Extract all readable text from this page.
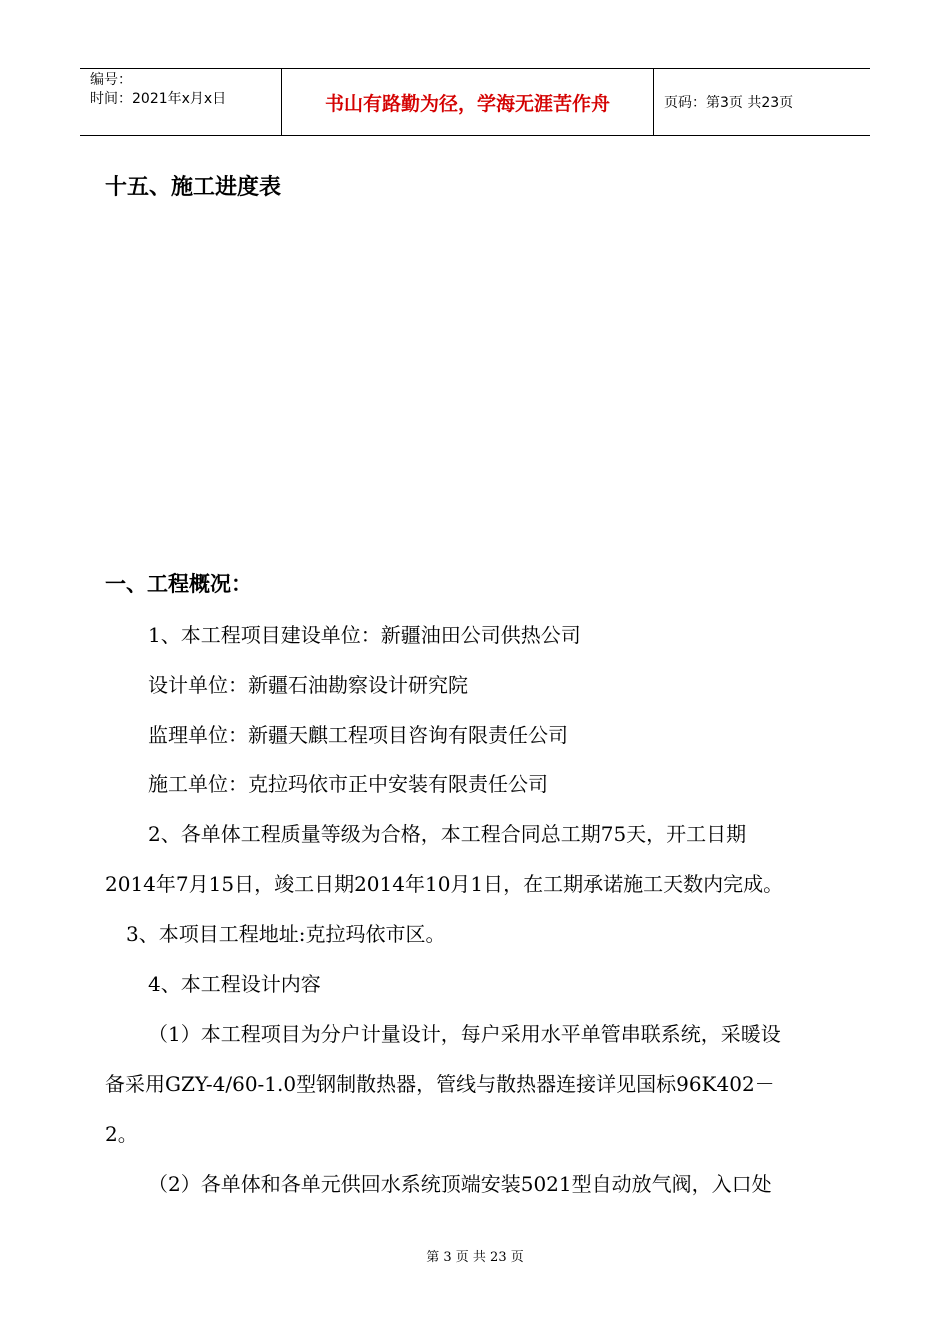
编号：
时间：2021年x月x日	书山有路勤为径，学海无涯苦作舟	页码：第3页 共23页
十五、施工进度表
一、工程概况：
1、本工程项目建设单位：新疆油田公司供热公司
设计单位：新疆石油勘察设计研究院
监理单位：新疆天麒工程项目咨询有限责任公司
施工单位：克拉玛依市正中安装有限责任公司
2、各单体工程质量等级为合格，本工程合同总工期75天，开工日期
2014年7月15日，竣工日期2014年10月1日，在工期承诺施工天数内完成。
3、本项目工程地址:克拉玛依市区。
4、本工程设计内容
（1）本工程项目为分户计量设计，每户采用水平单管串联系统，采暖设
备采用GZY-4/60-1.0型钢制散热器，管线与散热器连接详见国标96K402－
2。
（2）各单体和各单元供回水系统顶端安装5021型自动放气阀，入口处
第 3 页 共 23 页
